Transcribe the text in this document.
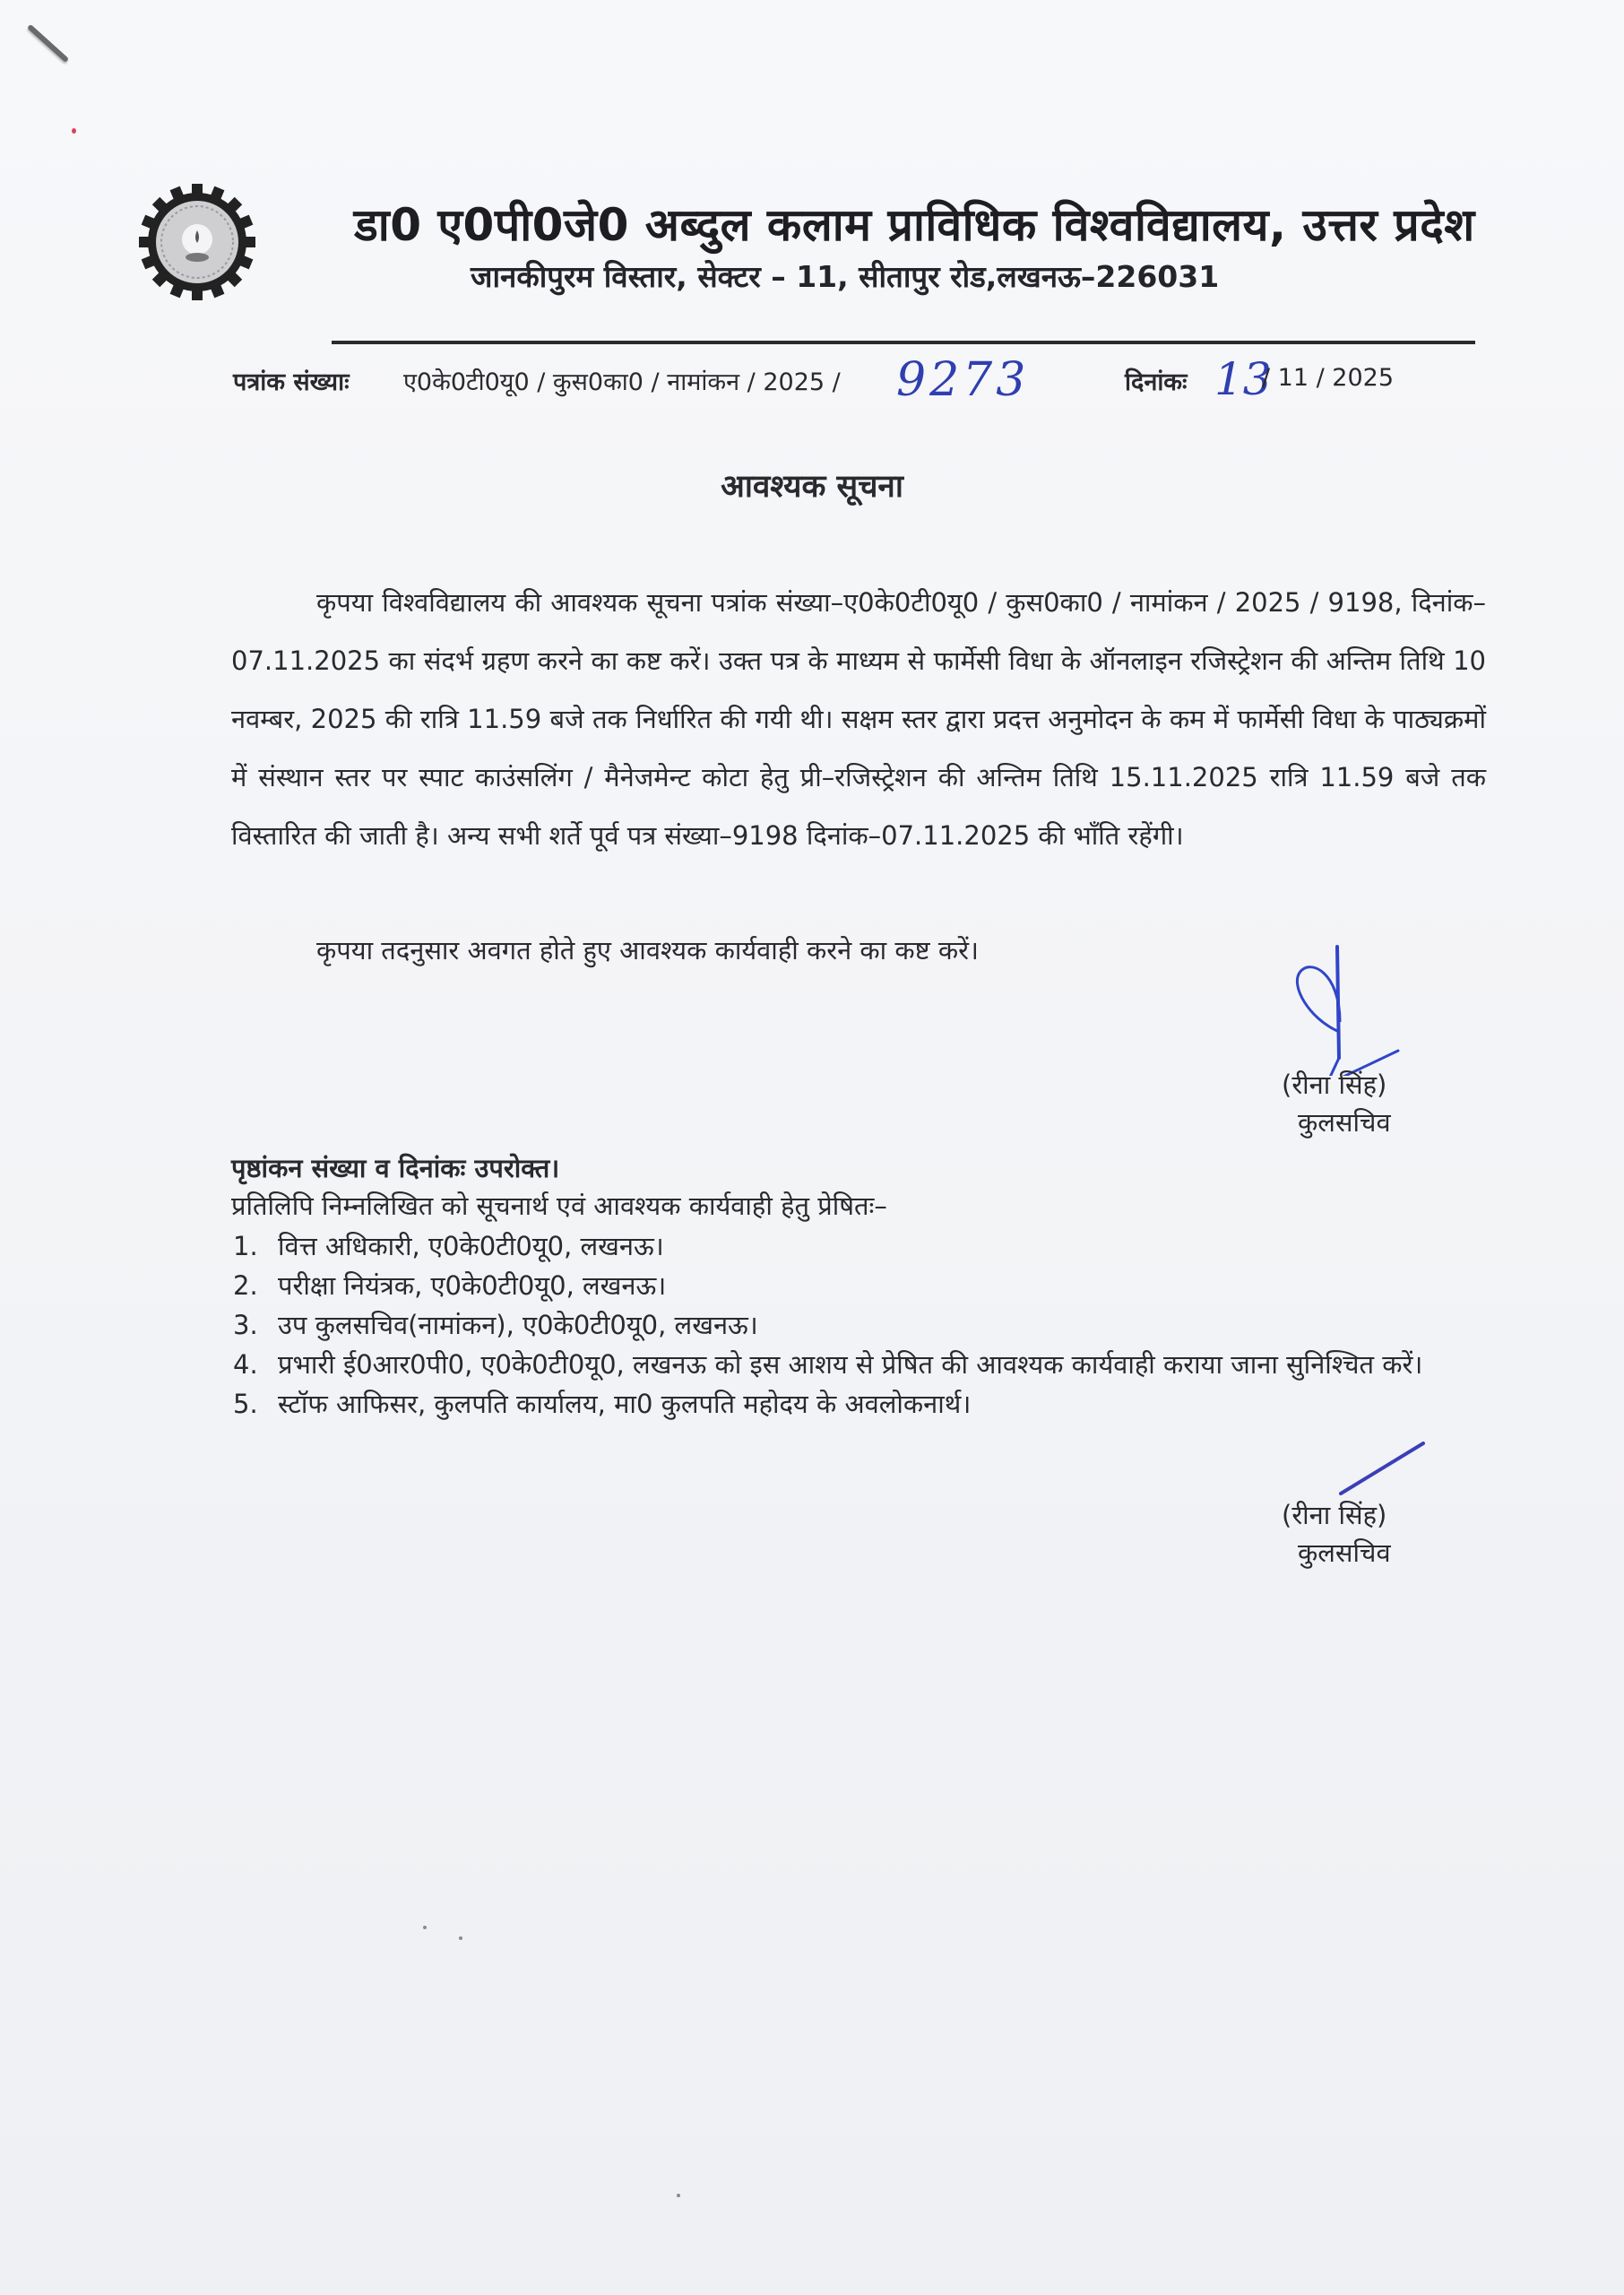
डा0 ए0पी0जे0 अब्दुल कलाम प्राविधिक विश्वविद्यालय, उत्तर प्रदेश
जानकीपुरम विस्तार, सेक्टर – 11, सीतापुर रोड,लखनऊ–226031
पत्रांक संख्याः ए0के0टी0यू0 / कुस0का0 / नामांकन / 2025 / 9273	दिनांकः 13
/ 11 / 2025
आवश्यक सूचना
कृपया विश्वविद्यालय की आवश्यक सूचना पत्रांक संख्या–ए0के0टी0यू0 / कुस0का0 / नामांकन / 2025 / 9198, दिनांक–07.11.2025 का संदर्भ ग्रहण करने का कष्ट करें। उक्त पत्र के माध्यम से फार्मेसी विधा के ऑनलाइन रजिस्ट्रेशन की अन्तिम तिथि 10 नवम्बर, 2025 की रात्रि 11.59 बजे तक निर्धारित की गयी थी। सक्षम स्तर द्वारा प्रदत्त अनुमोदन के कम में फार्मेसी विधा के पाठ्यक्रमों में संस्थान स्तर पर स्पाट काउंसलिंग / मैनेजमेन्ट कोटा हेतु प्री–रजिस्ट्रेशन की अन्तिम तिथि 15.11.2025 रात्रि 11.59 बजे तक विस्तारित की जाती है। अन्य सभी शर्ते पूर्व पत्र संख्या–9198 दिनांक–07.11.2025 की भाँति रहेंगी।
कृपया तदनुसार अवगत होते हुए आवश्यक कार्यवाही करने का कष्ट करें।
(रीना सिंह)
कुलसचिव
पृष्ठांकन संख्या व दिनांकः उपरोक्त।
प्रतिलिपि निम्नलिखित को सूचनार्थ एवं आवश्यक कार्यवाही हेतु प्रेषितः–
1. वित्त अधिकारी, ए0के0टी0यू0, लखनऊ।
2. परीक्षा नियंत्रक, ए0के0टी0यू0, लखनऊ।
3. उप कुलसचिव(नामांकन), ए0के0टी0यू0, लखनऊ।
4. प्रभारी ई0आर0पी0, ए0के0टी0यू0, लखनऊ को इस आशय से प्रेषित की आवश्यक कार्यवाही कराया जाना सुनिश्चित करें।
5. स्टॉफ आफिसर, कुलपति कार्यालय, मा0 कुलपति महोदय के अवलोकनार्थ।
(रीना सिंह)
कुलसचिव
